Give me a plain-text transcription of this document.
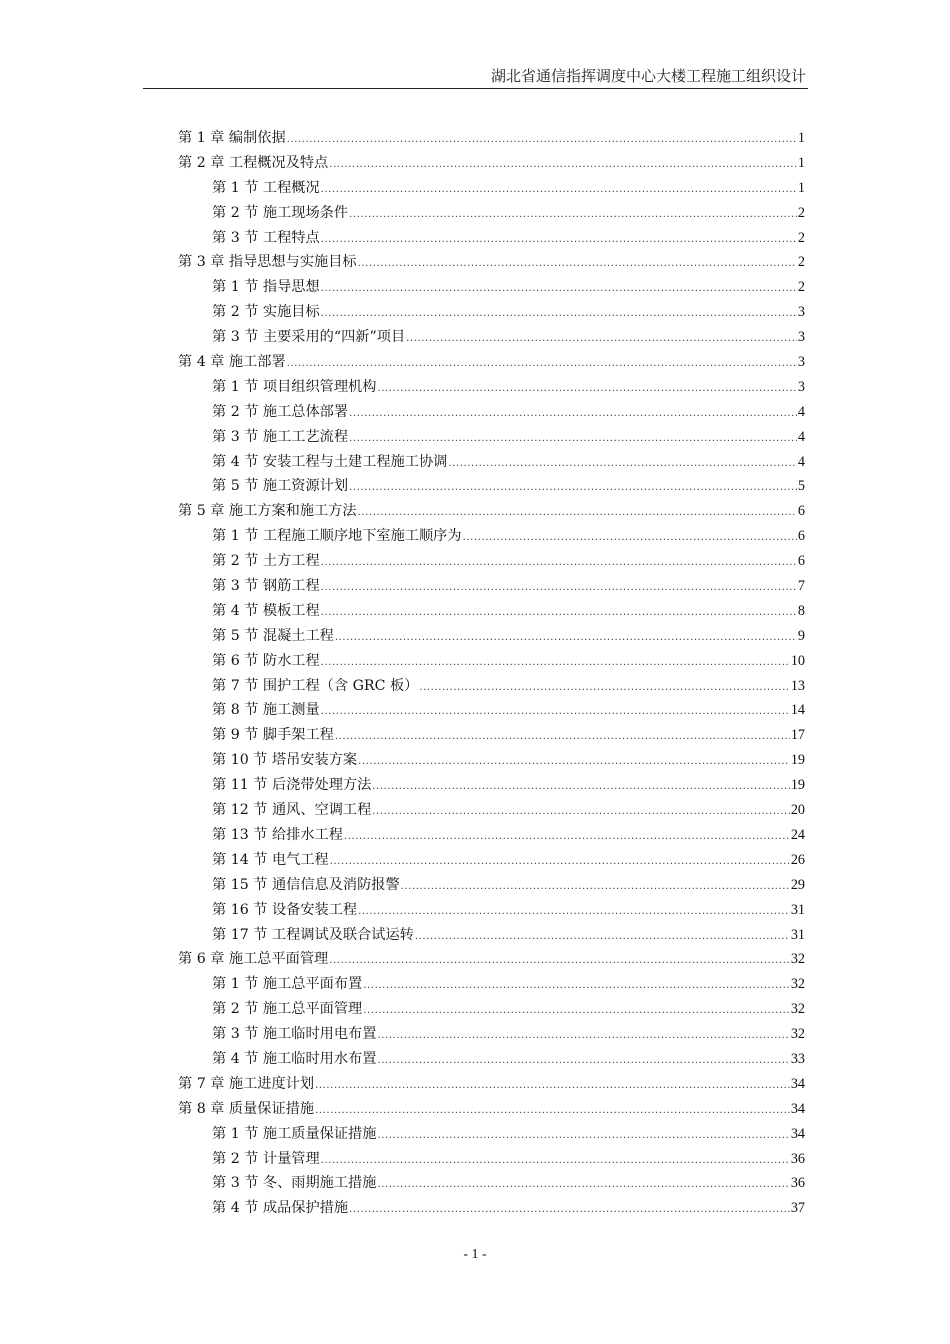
湖北省通信指挥调度中心大楼工程施工组织设计
第 1 章 编制依据 .....	1
第 2 章 工程概况及特点 .....	1
第 1 节 工程概况 .....	1
第 2 节 施工现场条件 .....	2
第 3 节 工程特点 .....	2
第 3 章 指导思想与实施目标 .....	2
第 1 节 指导思想 .....	2
第 2 节 实施目标 .....	3
第 3 节 主要采用的“四新”项目 .....	3
第 4 章 施工部署 .....	3
第 1 节 项目组织管理机构 .....	3
第 2 节 施工总体部署 .....	4
第 3 节 施工工艺流程 .....	4
第 4 节 安装工程与土建工程施工协调 .....	4
第 5 节 施工资源计划 .....	5
第 5 章 施工方案和施工方法 .....	6
第 1 节 工程施工顺序地下室施工顺序为 .....	6
第 2 节 土方工程 .....	6
第 3 节 钢筋工程 .....	7
第 4 节 模板工程 .....	8
第 5 节 混凝土工程 .....	9
第 6 节 防水工程 .....	10
第 7 节 围护工程（含 GRC 板） .....	13
第 8 节 施工测量 .....	14
第 9 节 脚手架工程 .....	17
第 10 节 塔吊安装方案 .....	19
第 11 节 后浇带处理方法 .....	19
第 12 节 通风、空调工程 .....	20
第 13 节 给排水工程 .....	24
第 14 节 电气工程 .....	26
第 15 节 通信信息及消防报警 .....	29
第 16 节 设备安装工程 .....	31
第 17 节 工程调试及联合试运转 .....	31
第 6 章 施工总平面管理 .....	32
第 1 节 施工总平面布置 .....	32
第 2 节 施工总平面管理 .....	32
第 3 节 施工临时用电布置 .....	32
第 4 节 施工临时用水布置 .....	33
第 7 章 施工进度计划 .....	34
第 8 章 质量保证措施 .....	34
第 1 节 施工质量保证措施 .....	34
第 2 节 计量管理 .....	36
第 3 节 冬、雨期施工措施 .....	36
第 4 节 成品保护措施 .....	37
- 1 -
